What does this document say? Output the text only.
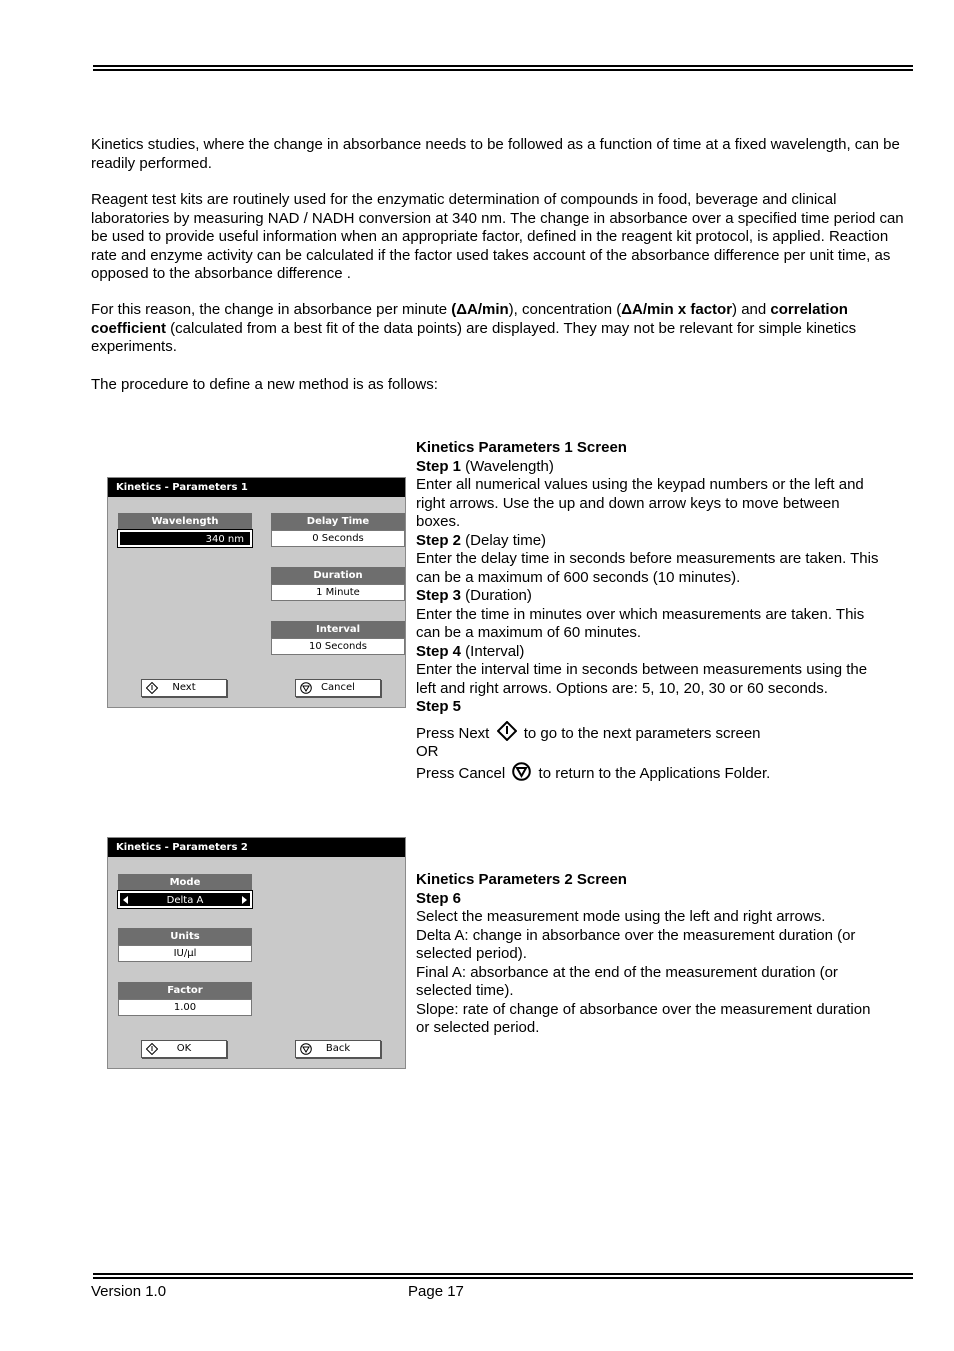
Kinetics studies, where the change in absorbance needs to be followed as a function of time at a fixed wavelength, can be readily performed.

Reagent test kits are routinely used for the enzymatic determination of compounds in food, beverage and clinical laboratories by measuring NAD / NADH conversion at 340 nm. The change in absorbance over a specified time period can be used to provide useful information when an appropriate factor, defined in the reagent kit protocol, is applied. Reaction rate and enzyme activity can be calculated if the factor used takes account of the absorbance difference per unit time, as opposed to the absorbance difference .

For this reason, the change in absorbance per minute (ΔA/min), concentration (ΔA/min x factor) and correlation coefficient (calculated from a best fit of the data points) are displayed. They may not be relevant for simple kinetics experiments.

The procedure to define a new method is as follows:

Kinetics - Parameters 1
Wavelength
340 nm
Delay Time
0 Seconds
Duration
1 Minute
Interval
10 Seconds
Next	Cancel
Kinetics Parameters 1 Screen
Step 1 (Wavelength)
Enter all numerical values using the keypad numbers or the left and right arrows. Use the up and down arrow keys to move between boxes.
Step 2 (Delay time)
Enter the delay time in seconds before measurements are taken. This can be a maximum of 600 seconds (10 minutes).
Step 3 (Duration)
Enter the time in minutes over which measurements are taken. This can be a maximum of 60 minutes.
Step 4 (Interval)
Enter the interval time in seconds between measurements using the left and right arrows. Options are: 5, 10, 20, 30 or 60 seconds.
Step 5
Press Next to go to the next parameters screen
OR
Press Cancel to return to the Applications Folder.
Kinetics - Parameters 2
Mode
Delta A
Units
IU/µl
Factor
1.00
OK	Back
Kinetics Parameters 2 Screen
Step 6
Select the measurement mode using the left and right arrows.
Delta A: change in absorbance over the measurement duration (or selected period).
Final A: absorbance at the end of the measurement duration (or selected time).
Slope: rate of change of absorbance over the measurement duration or selected period.
Version 1.0	Page 17
